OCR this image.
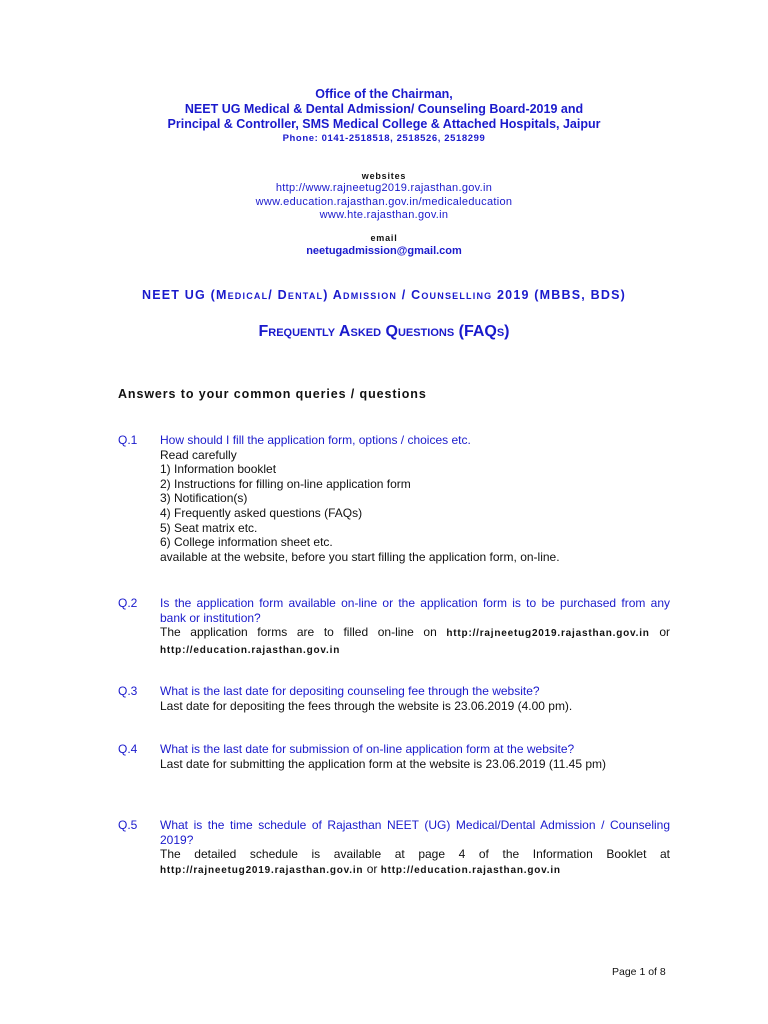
Office of the Chairman,
NEET UG Medical & Dental Admission/ Counseling Board-2019 and
Principal & Controller, SMS Medical College & Attached Hospitals, Jaipur
Phone: 0141-2518518, 2518526, 2518299
websites
http://www.rajneetug2019.rajasthan.gov.in
www.education.rajasthan.gov.in/medicaleducation
www.hte.rajasthan.gov.in
email
neetugadmission@gmail.com
NEET UG (Medical/ Dental) Admission / Counselling 2019 (MBBS, BDS)
Frequently Asked Questions (FAQs)
Answers to your common queries / questions
Q.1 How should I fill the application form, options / choices etc.
Read carefully
1) Information booklet
2) Instructions for filling on-line application form
3) Notification(s)
4) Frequently asked questions (FAQs)
5) Seat matrix etc.
6) College information sheet etc.
available at the website, before you start filling the application form, on-line.
Q.2 Is the application form available on-line or the application form is to be purchased from any bank or institution?
The application forms are to filled on-line on http://rajneetug2019.rajasthan.gov.in or http://education.rajasthan.gov.in
Q.3 What is the last date for depositing counseling fee through the website?
Last date for depositing the fees through the website is 23.06.2019 (4.00 pm).
Q.4 What is the last date for submission of on-line application form at the website?
Last date for submitting the application form at the website is 23.06.2019 (11.45 pm)
Q.5 What is the time schedule of Rajasthan NEET (UG) Medical/Dental Admission / Counseling 2019?
The detailed schedule is available at page 4 of the Information Booklet at http://rajneetug2019.rajasthan.gov.in or http://education.rajasthan.gov.in
Page 1 of 8
